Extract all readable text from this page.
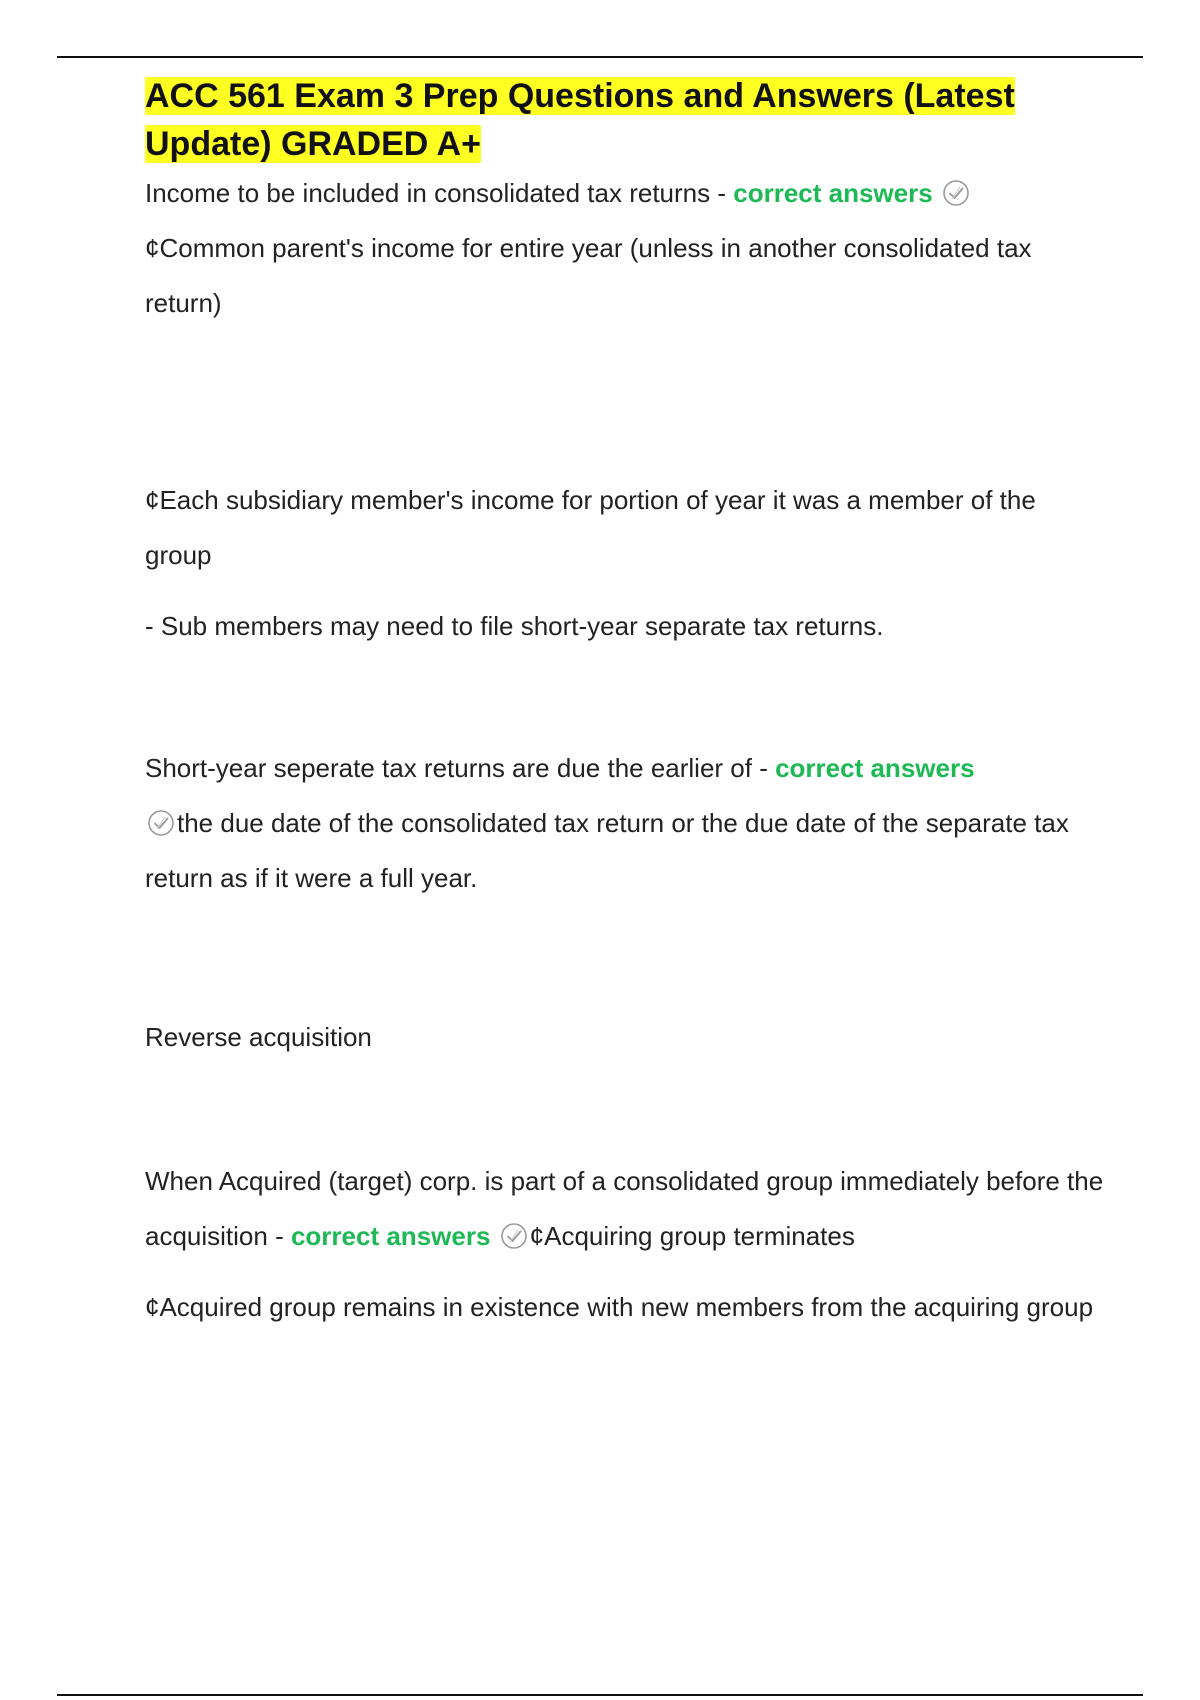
ACC 561 Exam 3 Prep Questions and Answers (Latest Update) GRADED A+

Income to be included in consolidated tax returns - correct answers

¢Common parent's income for entire year (unless in another consolidated tax return)

¢Each subsidiary member's income for portion of year it was a member of the group

- Sub members may need to file short-year separate tax returns.

Short-year seperate tax returns are due the earlier of - correct answers
the due date of the consolidated tax return or the due date of the separate tax return as if it were a full year.

Reverse acquisition

When Acquired (target) corp. is part of a consolidated group immediately before the acquisition - correct answers ¢Acquiring group terminates

¢Acquired group remains in existence with new members from the acquiring group
